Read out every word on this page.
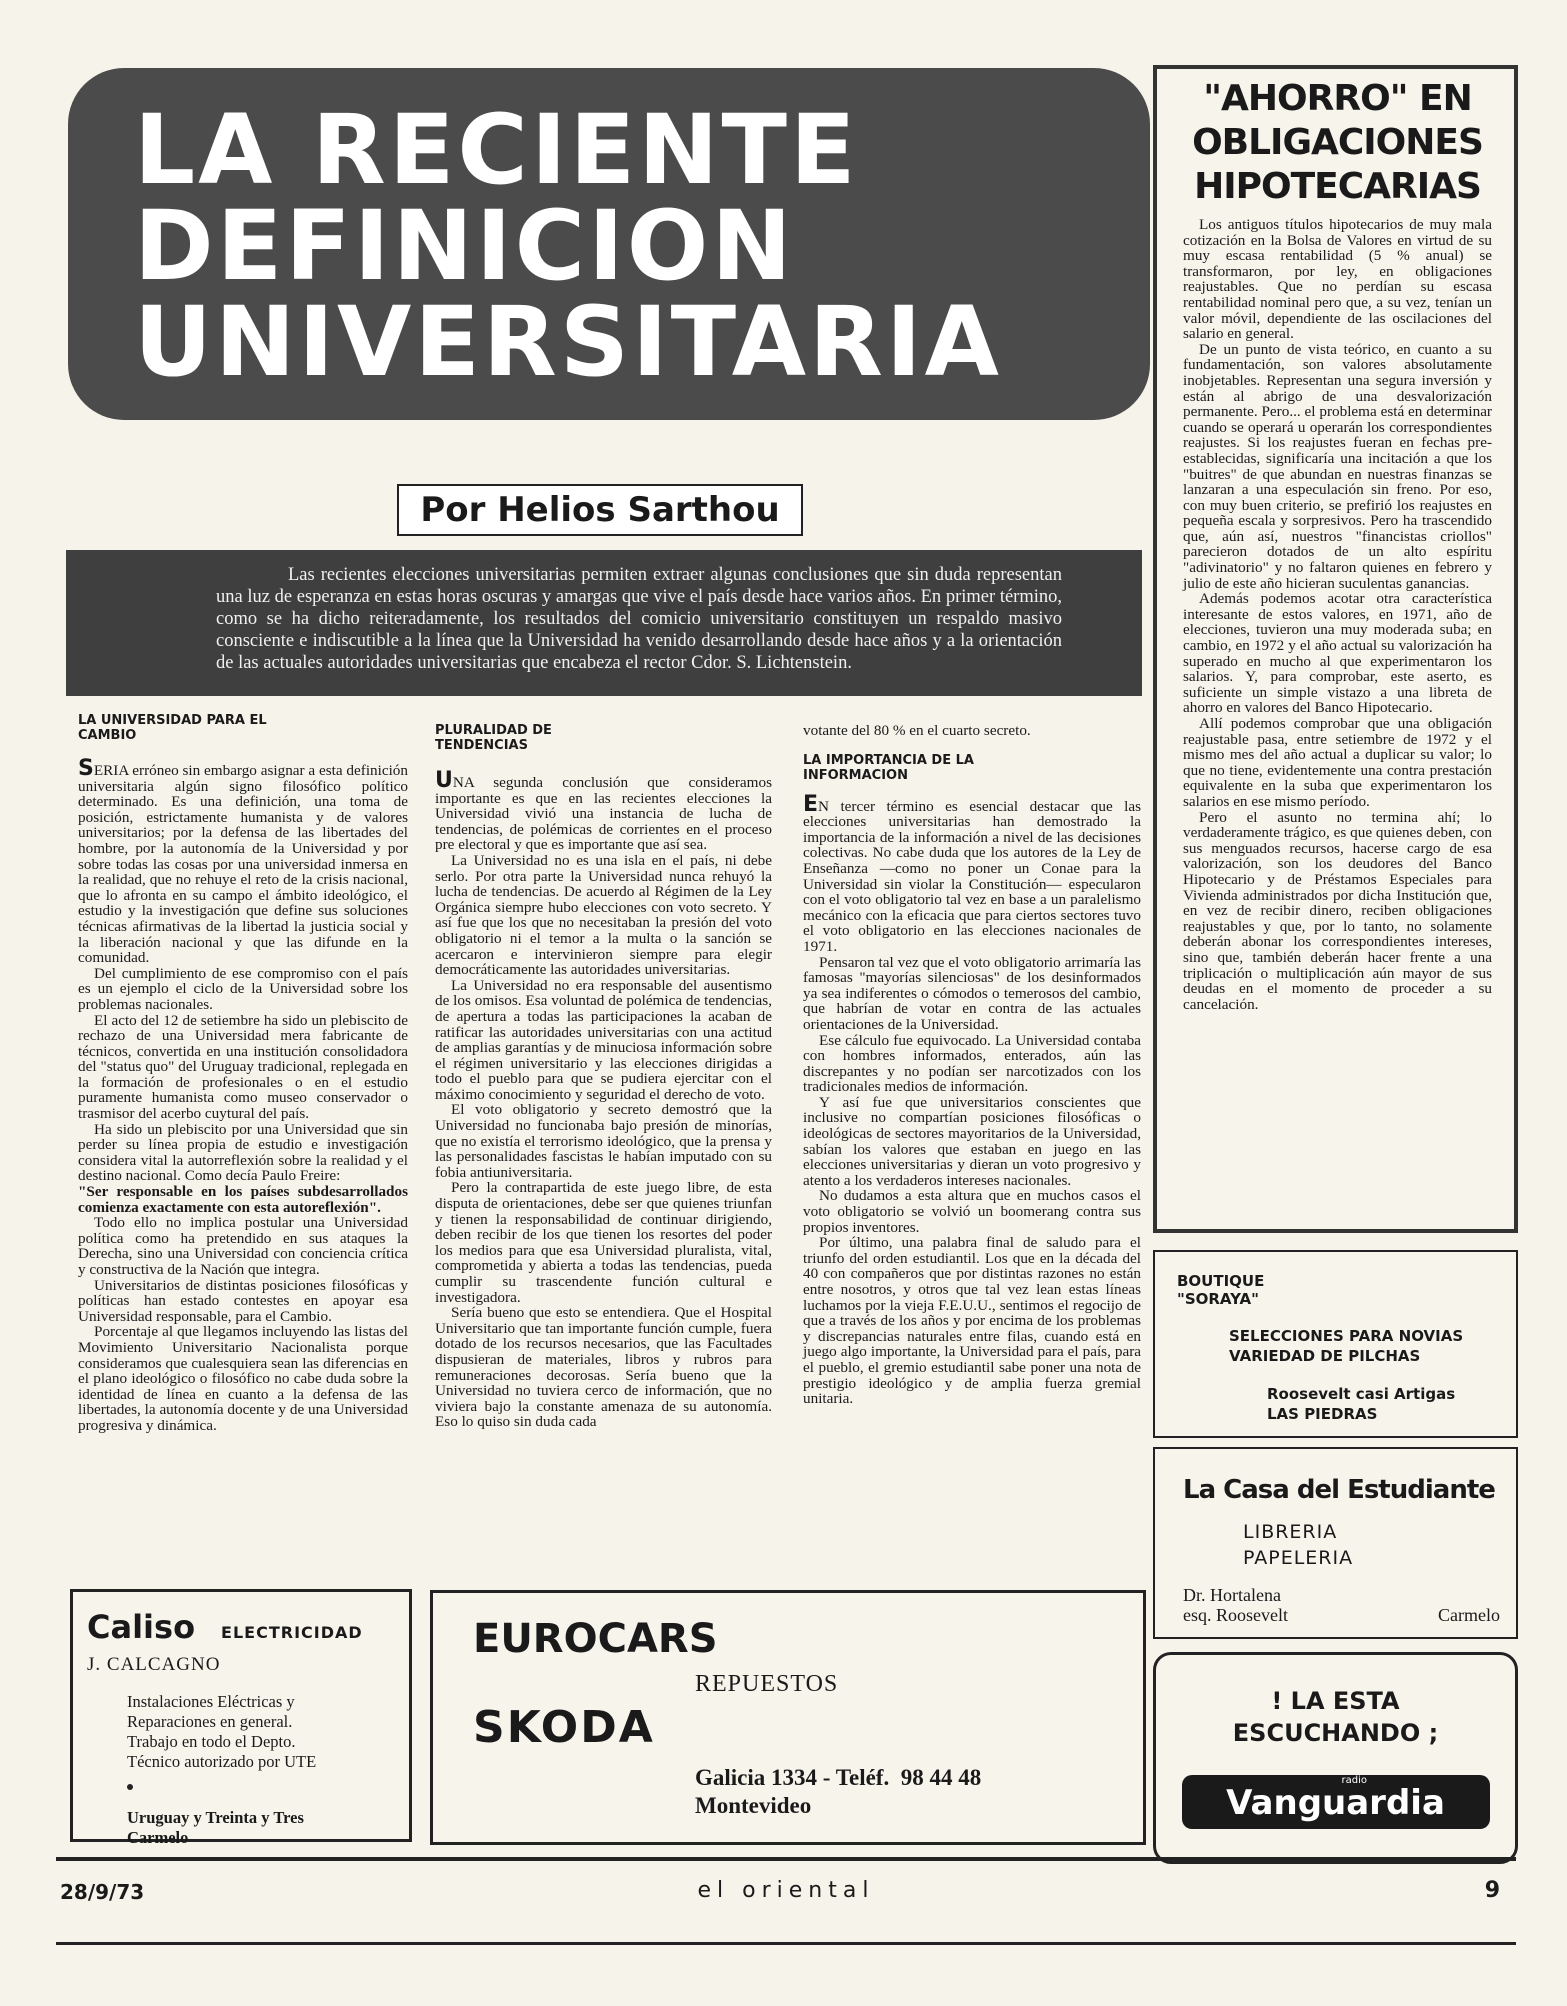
LA RECIENTE
DEFINICION
UNIVERSITARIA
Por Helios Sarthou

Las recientes elecciones universitarias permiten extraer algunas conclusiones que sin duda representan una luz de esperanza en estas horas oscuras y amargas que vive el país desde hace varios años. En primer término, como se ha dicho reiteradamente, los resultados del comicio universitario constituyen un respaldo masivo consciente e indiscutible a la línea que la Universidad ha venido desarrollando desde hace años y a la orientación de las actuales autoridades universitarias que encabeza el rector Cdor. S. Lichtenstein.

LA UNIVERSIDAD PARA EL CAMBIO

SERIA erróneo sin embargo asignar a esta definición universitaria algún signo filosófico político determinado. Es una definición, una toma de posición, estrictamente humanista y de valores universitarios; por la defensa de las libertades del hombre, por la autonomía de la Universidad y por sobre todas las cosas por una universidad inmersa en la realidad, que no rehuye el reto de la crisis nacional, que lo afronta en su campo el ámbito ideológico, el estudio y la investigación que define sus soluciones técnicas afirmativas de la libertad la justicia social y la liberación nacional y que las difunde en la comunidad.

Del cumplimiento de ese compromiso con el país es un ejemplo el ciclo de la Universidad sobre los problemas nacionales.

El acto del 12 de setiembre ha sido un plebiscito de rechazo de una Universidad mera fabricante de técnicos, convertida en una institución consolidadora del "status quo" del Uruguay tradicional, replegada en la formación de profesionales o en el estudio puramente humanista como museo conservador o trasmisor del acerbo cuytural del país.

Ha sido un plebiscito por una Universidad que sin perder su línea propia de estudio e investigación considera vital la autorreflexión sobre la realidad y el destino nacional. Como decía Paulo Freire:

"Ser responsable en los países subdesarrollados comienza exactamente con esta autoreflexión".

Todo ello no implica postular una Universidad política como ha pretendido en sus ataques la Derecha, sino una Universidad con conciencia crítica y constructiva de la Nación que integra.

Universitarios de distintas posiciones filosóficas y políticas han estado contestes en apoyar esa Universidad responsable, para el Cambio.

Porcentaje al que llegamos incluyendo las listas del Movimiento Universitario Nacionalista porque consideramos que cualesquiera sean las diferencias en el plano ideológico o filosófico no cabe duda sobre la identidad de línea en cuanto a la defensa de las libertades, la autonomía docente y de una Universidad progresiva y dinámica.

PLURALIDAD DE TENDENCIAS

UNA segunda conclusión que consideramos importante es que en las recientes elecciones la Universidad vivió una instancia de lucha de tendencias, de polémicas de corrientes en el proceso pre electoral y que es importante que así sea.

La Universidad no es una isla en el país, ni debe serlo. Por otra parte la Universidad nunca rehuyó la lucha de tendencias. De acuerdo al Régimen de la Ley Orgánica siempre hubo elecciones con voto secreto. Y así fue que los que no necesitaban la presión del voto obligatorio ni el temor a la multa o la sanción se acercaron e intervinieron siempre para elegir democráticamente las autoridades universitarias.

La Universidad no era responsable del ausentismo de los omisos. Esa voluntad de polémica de tendencias, de apertura a todas las participaciones la acaban de ratificar las autoridades universitarias con una actitud de amplias garantías y de minuciosa información sobre el régimen universitario y las elecciones dirigidas a todo el pueblo para que se pudiera ejercitar con el máximo conocimiento y seguridad el derecho de voto.

El voto obligatorio y secreto demostró que la Universidad no funcionaba bajo presión de minorías, que no existía el terrorismo ideológico, que la prensa y las personalidades fascistas le habían imputado con su fobia antiuniversitaria.

Pero la contrapartida de este juego libre, de esta disputa de orientaciones, debe ser que quienes triunfan y tienen la responsabilidad de continuar dirigiendo, deben recibir de los que tienen los resortes del poder los medios para que esa Universidad pluralista, vital, comprometida y abierta a todas las tendencias, pueda cumplir su trascendente función cultural e investigadora.

Sería bueno que esto se entendiera. Que el Hospital Universitario que tan importante función cumple, fuera dotado de los recursos necesarios, que las Facultades dispusieran de materiales, libros y rubros para remuneraciones decorosas. Sería bueno que la Universidad no tuviera cerco de información, que no viviera bajo la constante amenaza de su autonomía. Eso lo quiso sin duda cada

votante del 80 % en el cuarto secreto.

LA IMPORTANCIA DE LA INFORMACION

EN tercer término es esencial destacar que las elecciones universitarias han demostrado la importancia de la información a nivel de las decisiones colectivas. No cabe duda que los autores de la Ley de Enseñanza —como no poner un Conae para la Universidad sin violar la Constitución— especularon con el voto obligatorio tal vez en base a un paralelismo mecánico con la eficacia que para ciertos sectores tuvo el voto obligatorio en las elecciones nacionales de 1971.

Pensaron tal vez que el voto obligatorio arrimaría las famosas "mayorías silenciosas" de los desinformados ya sea indiferentes o cómodos o temerosos del cambio, que habrían de votar en contra de las actuales orientaciones de la Universidad.

Ese cálculo fue equivocado. La Universidad contaba con hombres informados, enterados, aún las discrepantes y no podían ser narcotizados con los tradicionales medios de información.

Y así fue que universitarios conscientes que inclusive no compartían posiciones filosóficas o ideológicas de sectores mayoritarios de la Universidad, sabían los valores que estaban en juego en las elecciones universitarias y dieran un voto progresivo y atento a los verdaderos intereses nacionales.

No dudamos a esta altura que en muchos casos el voto obligatorio se volvió un boomerang contra sus propios inventores.

Por último, una palabra final de saludo para el triunfo del orden estudiantil. Los que en la década del 40 con compañeros que por distintas razones no están entre nosotros, y otros que tal vez lean estas líneas luchamos por la vieja F.E.U.U., sentimos el regocijo de que a través de los años y por encima de los problemas y discrepancias naturales entre filas, cuando está en juego algo importante, la Universidad para el país, para el pueblo, el gremio estudiantil sabe poner una nota de prestigio ideológico y de amplia fuerza gremial unitaria.

"AHORRO" EN
OBLIGACIONES
HIPOTECARIAS

Los antiguos títulos hipotecarios de muy mala cotización en la Bolsa de Valores en virtud de su muy escasa rentabilidad (5 % anual) se transformaron, por ley, en obligaciones reajustables. Que no perdían su escasa rentabilidad nominal pero que, a su vez, tenían un valor móvil, dependiente de las oscilaciones del salario en general.

De un punto de vista teórico, en cuanto a su fundamentación, son valores absolutamente inobjetables. Representan una segura inversión y están al abrigo de una desvalorización permanente. Pero... el problema está en determinar cuando se operará u operarán los correspondientes reajustes. Si los reajustes fueran en fechas pre-establecidas, significaría una incitación a que los "buitres" de que abundan en nuestras finanzas se lanzaran a una especulación sin freno. Por eso, con muy buen criterio, se prefirió los reajustes en pequeña escala y sorpresivos. Pero ha trascendido que, aún así, nuestros "financistas criollos" parecieron dotados de un alto espíritu "adivinatorio" y no faltaron quienes en febrero y julio de este año hicieran suculentas ganancias.

Además podemos acotar otra característica interesante de estos valores, en 1971, año de elecciones, tuvieron una muy moderada suba; en cambio, en 1972 y el año actual su valorización ha superado en mucho al que experimentaron los salarios. Y, para comprobar, este aserto, es suficiente un simple vistazo a una libreta de ahorro en valores del Banco Hipotecario.

Allí podemos comprobar que una obligación reajustable pasa, entre setiembre de 1972 y el mismo mes del año actual a duplicar su valor; lo que no tiene, evidentemente una contra prestación equivalente en la suba que experimentaron los salarios en ese mismo período.

Pero el asunto no termina ahí; lo verdaderamente trágico, es que quienes deben, con sus menguados recursos, hacerse cargo de esa valorización, son los deudores del Banco Hipotecario y de Préstamos Especiales para Vivienda administrados por dicha Institución que, en vez de recibir dinero, reciben obligaciones reajustables y que, por lo tanto, no solamente deberán abonar los correspondientes intereses, sino que, también deberán hacer frente a una triplicación o multiplicación aún mayor de sus deudas en el momento de proceder a su cancelación.

BOUTIQUE
"SORAYA"
SELECCIONES PARA NOVIAS
VARIEDAD DE PILCHAS
Roosevelt casi Artigas
LAS PIEDRAS
La Casa del Estudiante
LIBRERIA
PAPELERIA
Dr. Hortalena
esq. Roosevelt	Carmelo
! LA ESTA
ESCUCHANDO ;
radio
Vanguardia
Caliso ELECTRICIDAD
J. CALCAGNO
Instalaciones Eléctricas y
Reparaciones en general.
Trabajo en todo el Depto.
Técnico autorizado por UTE
Uruguay y Treinta y Tres
Carmelo
EUROCARS
REPUESTOS
SKODA
Galicia 1334 - Teléf.  98 44 48
Montevideo
28/9/73	el oriental	9
